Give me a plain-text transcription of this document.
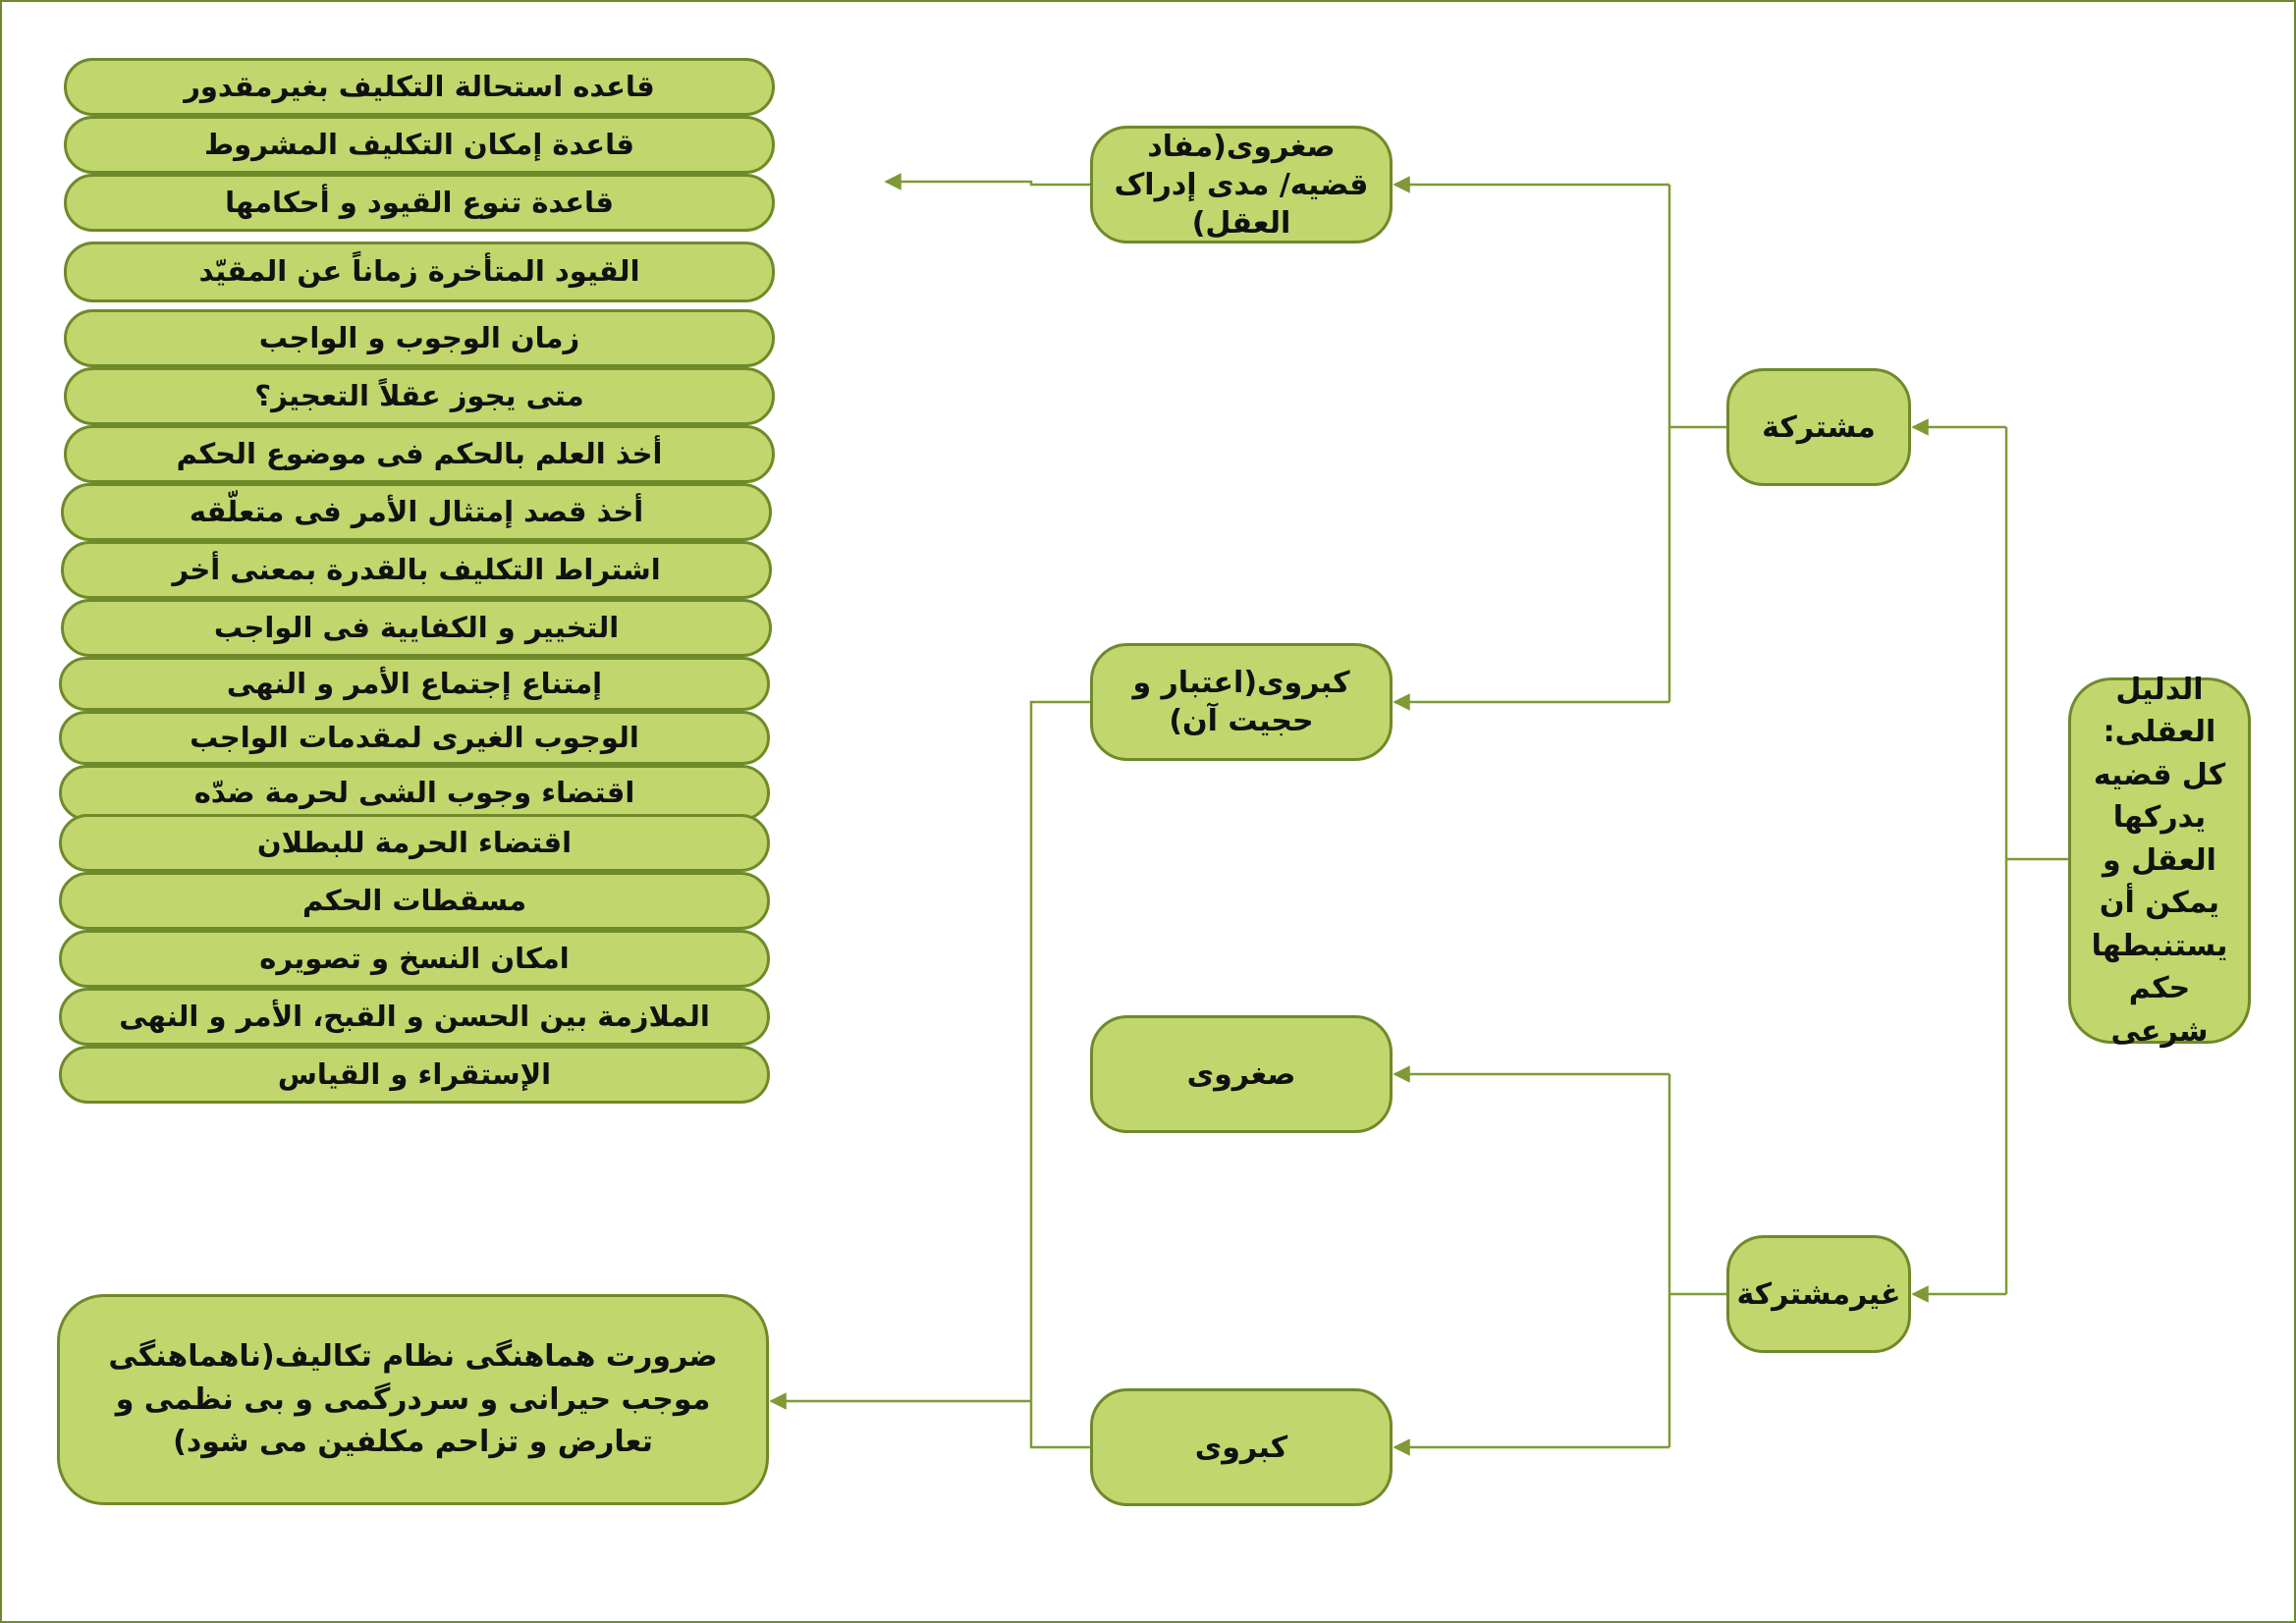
الدليل العقلی: کل قضيه يدرکها العقل و يمکن أن يستنبطها حکم شرعی
مشترکة
غيرمشترکة
صغروی(مفاد قضيه/ مدی إدراک العقل)
کبروی(اعتبار و حجيت آن)
صغروی
کبروی
قاعده استحالة التکليف بغيرمقدور
قاعدة إمکان التکليف المشروط
قاعدة تنوع القيود و أحکامها
القيود المتأخرة زماناً عن المقيّد
زمان الوجوب و الواجب
متی يجوز عقلاً التعجيز؟
أخذ العلم بالحکم فی موضوع الحکم
أخذ قصد إمتثال الأمر فی متعلّقه
اشتراط التکليف بالقدرة بمعنی أخر
التخيير و الکفايية فی الواجب
إمتناع إجتماع الأمر و النهی
الوجوب الغيری لمقدمات الواجب
اقتضاء وجوب الشی لحرمة ضدّه
اقتضاء الحرمة للبطلان
مسقطات الحکم
امکان النسخ و تصويره
الملازمة بين الحسن و القبح، الأمر و النهی
الإستقراء و القياس
ضرورت هماهنگی نظام تکاليف(ناهماهنگی موجب حيرانی و سردرگمی و بی نظمی و تعارض و تزاحم مکلفين می شود)
